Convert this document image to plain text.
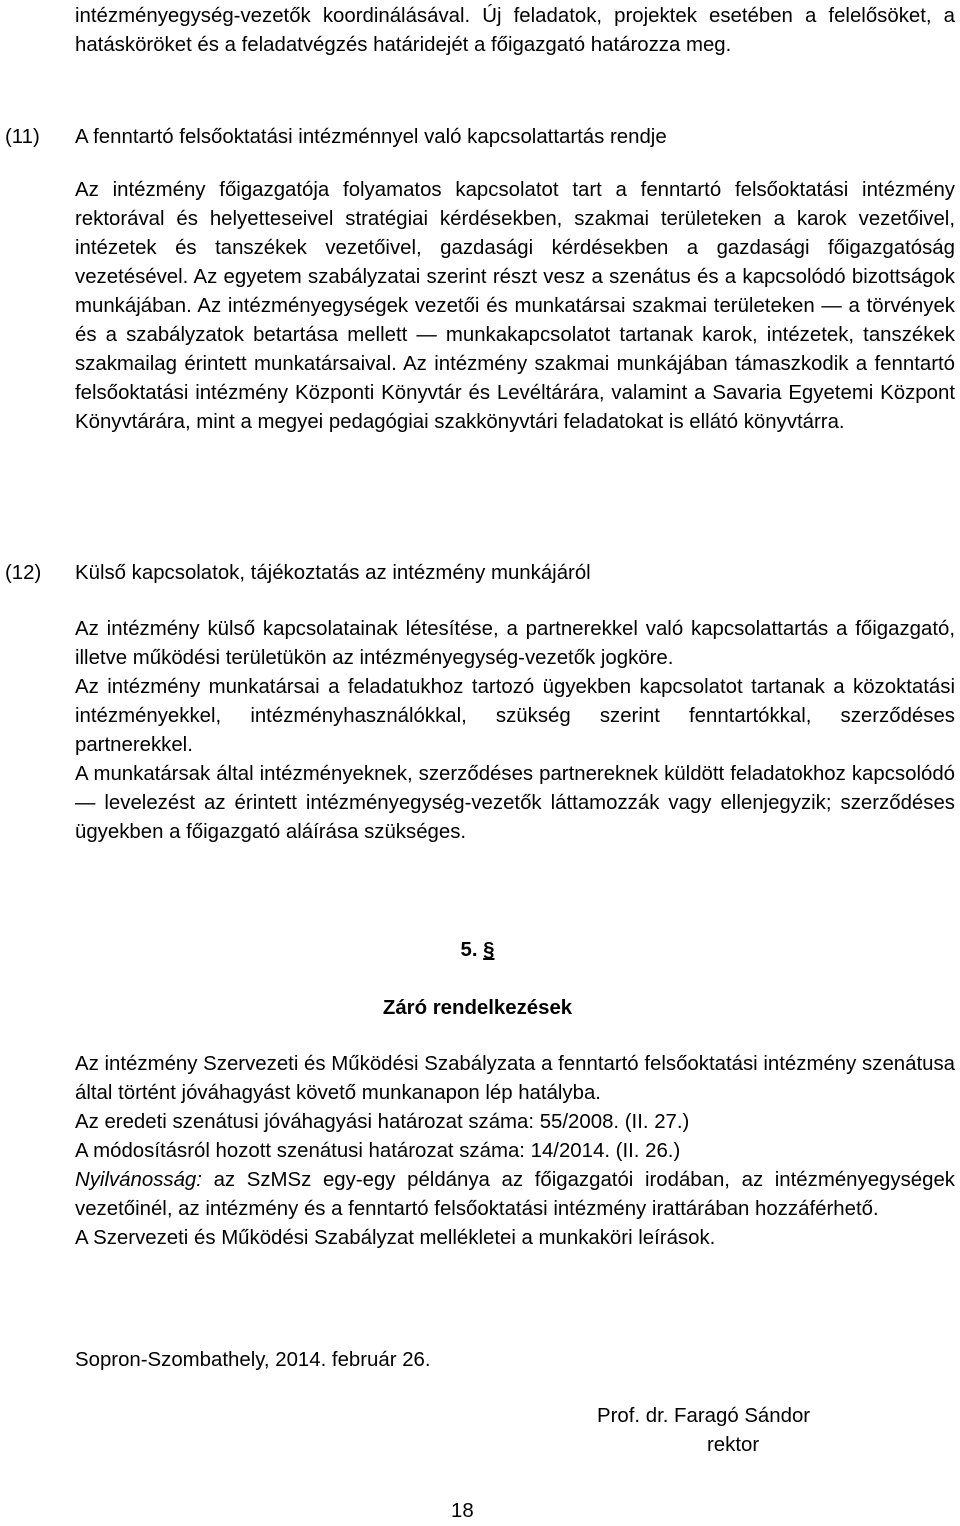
intézményegység-vezetők koordinálásával. Új feladatok, projektek esetében a felelősöket, a hatásköröket és a feladatvégzés határidejét a főigazgató határozza meg.

(11) A fenntartó felsőoktatási intézménnyel való kapcsolattartás rendje

Az intézmény főigazgatója folyamatos kapcsolatot tart a fenntartó felsőoktatási intézmény rektorával és helyetteseivel stratégiai kérdésekben, szakmai területeken a karok vezetőivel, intézetek és tanszékek vezetőivel, gazdasági kérdésekben a gazdasági főigazgatóság vezetésével. Az egyetem szabályzatai szerint részt vesz a szenátus és a kapcsolódó bizottságok munkájában. Az intézményegységek vezetői és munkatársai szakmai területeken — a törvények és a szabályzatok betartása mellett — munkakapcsolatot tartanak karok, intézetek, tanszékek szakmailag érintett munkatársaival. Az intézmény szakmai munkájában támaszkodik a fenntartó felsőoktatási intézmény Központi Könyvtár és Levéltárára, valamint a Savaria Egyetemi Központ Könyvtárára, mint a megyei pedagógiai szakkönyvtári feladatokat is ellátó könyvtárra.

(12) Külső kapcsolatok, tájékoztatás az intézmény munkájáról

Az intézmény külső kapcsolatainak létesítése, a partnerekkel való kapcsolattartás a főigazgató, illetve működési területükön az intézményegység-vezetők jogköre.

Az intézmény munkatársai a feladatukhoz tartozó ügyekben kapcsolatot tartanak a közoktatási intézményekkel, intézményhasználókkal, szükség szerint fenntartókkal, szerződéses partnerekkel.

A munkatársak által intézményeknek, szerződéses partnereknek küldött feladatokhoz kapcsolódó — levelezést az érintett intézményegység-vezetők láttamozzák vagy ellenjegyzik; szerződéses ügyekben a főigazgató aláírása szükséges.

5. §

Záró rendelkezések

Az intézmény Szervezeti és Működési Szabályzata a fenntartó felsőoktatási intézmény szenátusa által történt jóváhagyást követő munkanapon lép hatályba.

Az eredeti szenátusi jóváhagyási határozat száma: 55/2008. (II. 27.)

A módosításról hozott szenátusi határozat száma: 14/2014. (II. 26.)

Nyilvánosság: az SzMSz egy-egy példánya az főigazgatói irodában, az intézményegységek vezetőinél, az intézmény és a fenntartó felsőoktatási intézmény irattárában hozzáférhető.

A Szervezeti és Működési Szabályzat mellékletei a munkaköri leírások.

Sopron-Szombathely, 2014. február 26.

Prof. dr. Faragó Sándor

rektor

18
